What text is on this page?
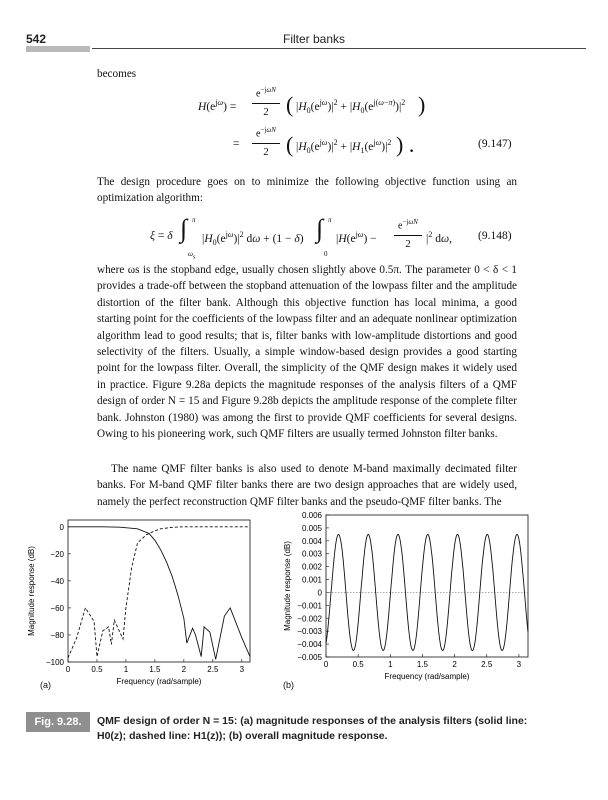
542	Filter banks
becomes
$H(e^{j\omega})$ =
$e^{-j\omega N}$
2 ( $|H_0(e^{j\omega})|^2 + |H_0(e^{j(\omega-\pi)})|^2$ )
=
$e^{-j\omega N}$
2 ( $|H_0(e^{j\omega})|^2 + |H_1(e^{j\omega})|^2$ ) .	(9.147)
The design procedure goes on to minimize the following objective function using an optimization algorithm:
ξ = δ ∫ π
$\omega_s$
$|H_0(e^{j\omega})|^2$ dω + (1 − δ) ∫ π
0
$|H(e^{j\omega})$ −
$e^{-j\omega N}$
2	$|^2$ dω, (9.148)
where ωs is the stopband edge, usually chosen slightly above 0.5π. The parameter 0 < δ < 1 provides a trade-off between the stopband attenuation of the lowpass filter and the amplitude distortion of the filter bank. Although this objective function has local minima, a good starting point for the coefficients of the lowpass filter and an adequate nonlinear optimization algorithm lead to good results; that is, filter banks with low-amplitude distortions and good selectivity of the filters. Usually, a simple window-based design provides a good starting point for the lowpass filter. Overall, the simplicity of the QMF design makes it widely used in practice. Figure 9.28a depicts the magnitude responses of the analysis filters of a QMF design of order N = 15 and Figure 9.28b depicts the amplitude response of the complete filter bank. Johnston (1980) was among the first to provide QMF coefficients for several designs. Owing to his pioneering work, such QMF filters are usually termed Johnston filter banks.
The name QMF filter banks is also used to denote M-band maximally decimated filter banks. For M-band QMF filter banks there are two design approaches that are widely used, namely the perfect reconstruction QMF filter banks and the pseudo-QMF filter banks. The
0	0.5	1	1.5	2	2.5	3
0
−20
−40
−60
−80
−100
Frequency (rad/sample)
Magnitude response (dB)
0	0.5	1	1.5	2	2.5	3
0.006
0.005
0.004
0.003
0.002
0.001
0
−0.001
−0.002
−0.003
−0.004
−0.005
Frequency (rad/sample)
Magnitude response (dB)
(a)	(b)
Fig. 9.28.	QMF design of order N = 15: (a) magnitude responses of the analysis filters (solid line: H0(z); dashed line: H1(z)); (b) overall magnitude response.
